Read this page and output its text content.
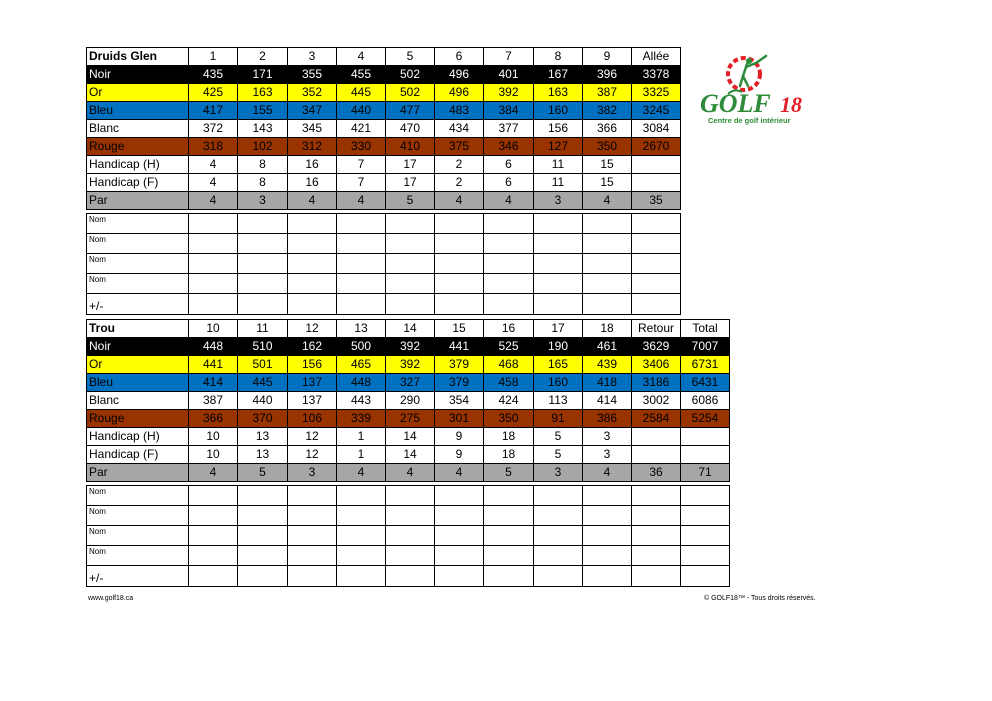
Druids Glen	1	2	3	4	5	6	7	8	9	Allée
Noir	435	171	355	455	502	496	401	167	396	3378
Or	425	163	352	445	502	496	392	163	387	3325
Bleu	417	155	347	440	477	483	384	160	382	3245
Blanc	372	143	345	421	470	434	377	156	366	3084
Rouge	318	102	312	330	410	375	346	127	350	2670
Handicap (H)	4	8	16	7	17	2	6	11	15	
Handicap (F)	4	8	16	7	17	2	6	11	15	
Par	4	3	4	4	5	4	4	3	4	35

Nom										
Nom										
Nom										
Nom										
+/-										
Trou	10	11	12	13	14	15	16	17	18	Retour	Total
Noir	448	510	162	500	392	441	525	190	461	3629	7007
Or	441	501	156	465	392	379	468	165	439	3406	6731
Bleu	414	445	137	448	327	379	458	160	418	3186	6431
Blanc	387	440	137	443	290	354	424	113	414	3002	6086
Rouge	366	370	106	339	275	301	350	91	386	2584	5254
Handicap (H)	10	13	12	1	14	9	18	5	3		
Handicap (F)	10	13	12	1	14	9	18	5	3		
Par	4	5	3	4	4	4	5	3	4	36	71

Nom											
Nom											
Nom											
Nom											
+/-											
GOLF 18
Centre de golf intérieur
www.golf18.ca	© GOLF18™ - Tous droits réservés.
